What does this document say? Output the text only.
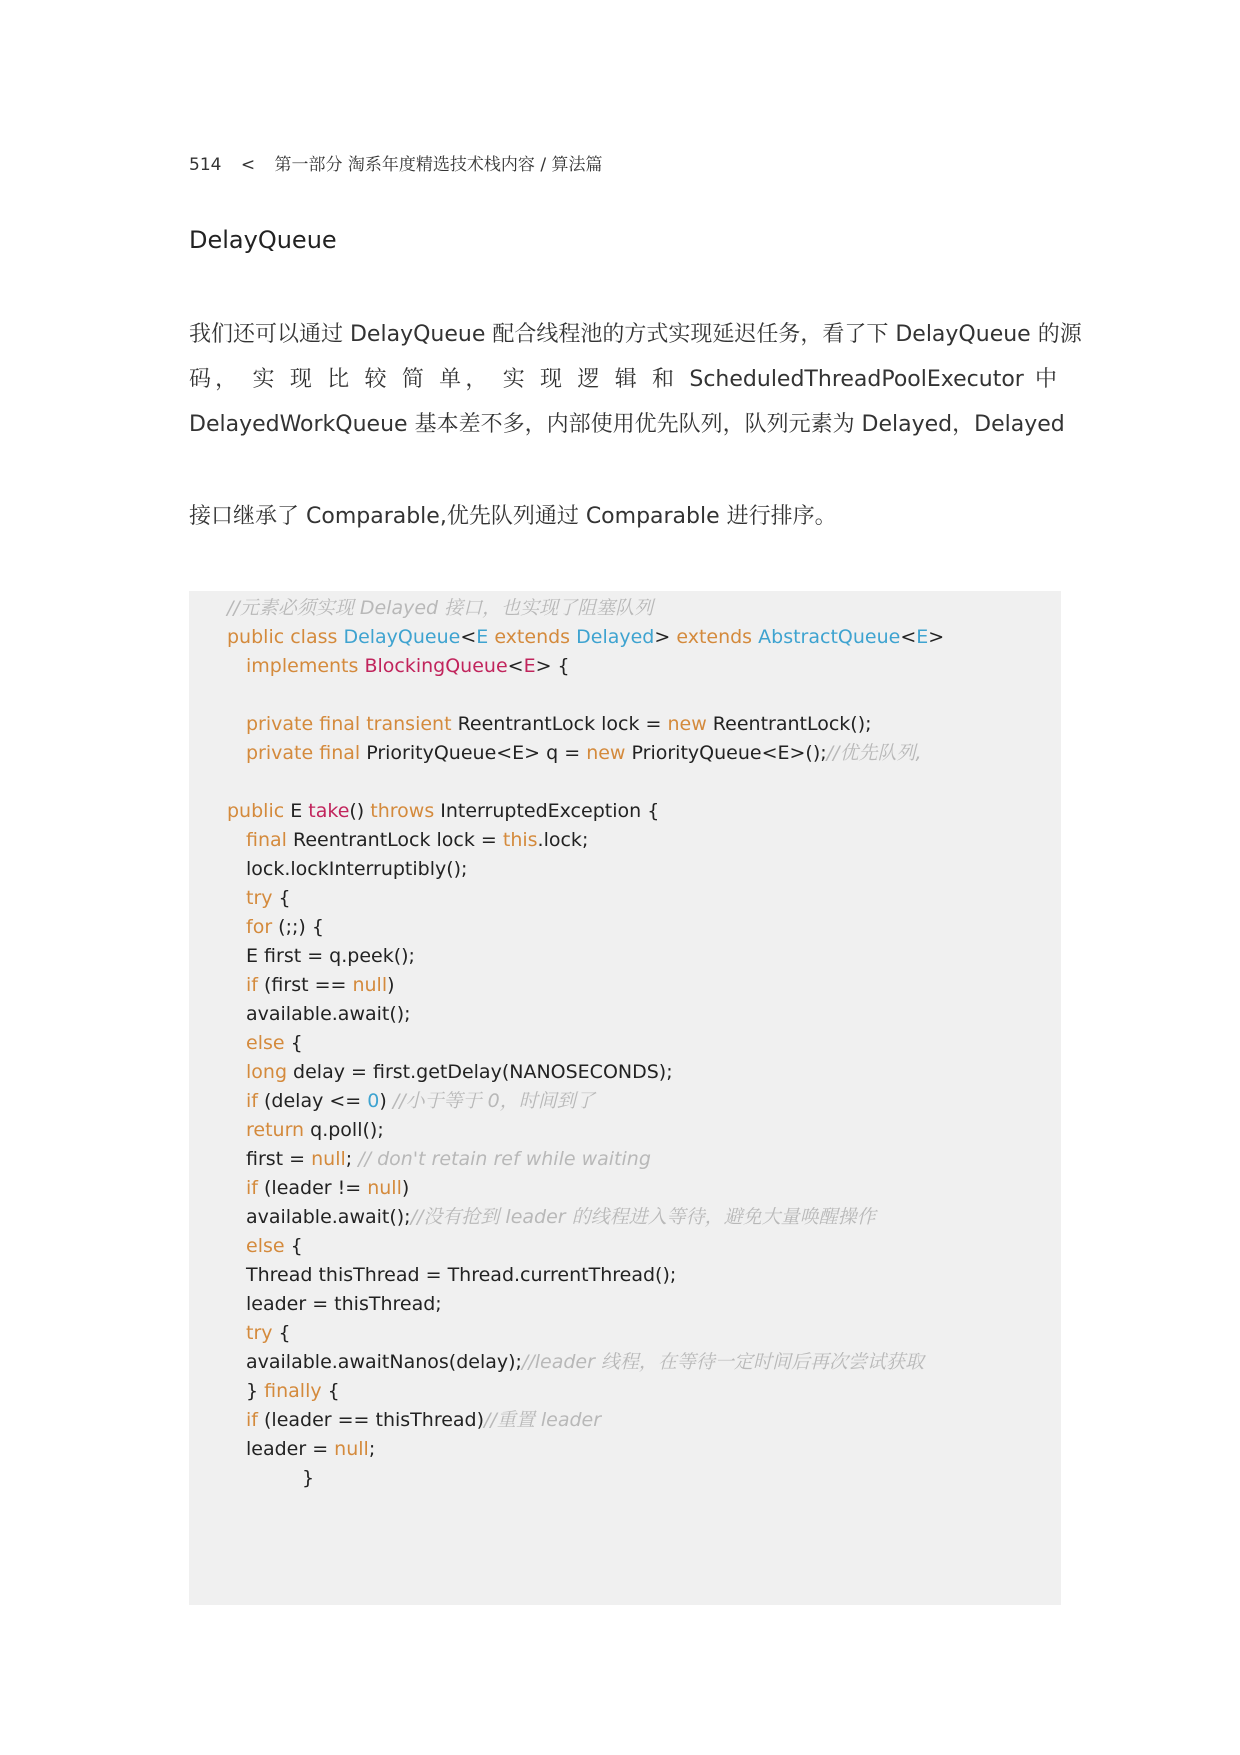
514 < 第一部分 淘系年度精选技术栈内容 / 算法篇
DelayQueue
我们还可以通过 DelayQueue 配合线程池的方式实现延迟任务，看了下 DelayQueue 的源
码， 实 现 比 较 简 单， 实 现 逻 辑 和 ScheduledThreadPoolExecutor 中
DelayedWorkQueue 基本差不多，内部使用优先队列，队列元素为 Delayed，Delayed
接口继承了 Comparable,优先队列通过 Comparable 进行排序。
//元素必须实现 Delayed 接口，也实现了阻塞队列
public class DelayQueue<E extends Delayed> extends AbstractQueue<E>
implements BlockingQueue<E> {
private final transient ReentrantLock lock = new ReentrantLock();
private final PriorityQueue<E> q = new PriorityQueue<E>();//优先队列,
public E take() throws InterruptedException {
final ReentrantLock lock = this.lock;
lock.lockInterruptibly();
try {
for (;;) {
E first = q.peek();
if (first == null)
available.await();
else {
long delay = first.getDelay(NANOSECONDS);
if (delay <= 0) //小于等于 0，时间到了
return q.poll();
first = null; // don't retain ref while waiting
if (leader != null)
available.await();//没有抢到 leader 的线程进入等待，避免大量唤醒操作
else {
Thread thisThread = Thread.currentThread();
leader = thisThread;
try {
available.awaitNanos(delay);//leader 线程，在等待一定时间后再次尝试获取
} finally {
if (leader == thisThread)//重置 leader
leader = null;
}
